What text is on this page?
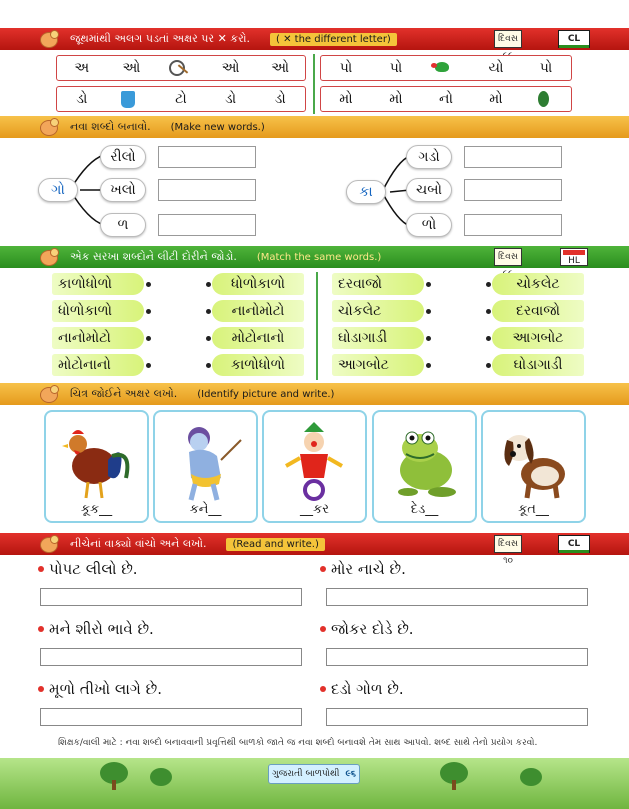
જૂથમાંથી અલગ પડતાં અક્ષર પર ✕ કરો.	( ✕ the different letter)	દિવસ	CL
અ	ઓ	ઓ	ઓ
ડો	ટો	ડો	ડો
પો	પો	યો	પો
મો	મો	નો	મો
નવા શબ્દો બનાવો. (Make new words.)
ગો
રીલો
ખલો
ળ
કા
ગડો
ચબો
ળો
એક સરખા શબ્દોને લીટી દોરીને જોડો. (Match the same words.)	દિવસ	HL
કાળોધોળો
ધોળોકાળો
નાનોમોટો
મોટોનાનો
ધોળોકાળો
નાનોમોટો
મોટોનાનો
કાળોધોળો
દરવાજો
ચોકલેટ
ઘોડાગાડી
આગબોટ
ચોકલેટ
દરવાજો
આગબોટ
ઘોડાગાડી
ચિત્ર જોઈને અક્ષર લખો. (Identify picture and write.)
કૂક__	કને__	__કર	દેડ__	કૂત__
નીચેનાં વાક્યો વાંચો અને લખો.	(Read and write.)	દિવસ ૧૦
CL
પોપટ લીલો છે.	મોર નાચે છે.
મને શીરો ભાવે છે.	જોકર દોડે છે.
મૂળો તીખો લાગે છે.	દડો ગોળ છે.
શિક્ષક/વાલી માટે : નવા શબ્દો બનાવવાની પ્રવૃત્તિથી બાળકો જાતે જ નવા શબ્દો બનાવશે તેમ સાથ આપવો. શબ્દ સાથે તેનો પ્રયોગ કરવો.
ગુજરાતી બાળપોથી ૯૬
